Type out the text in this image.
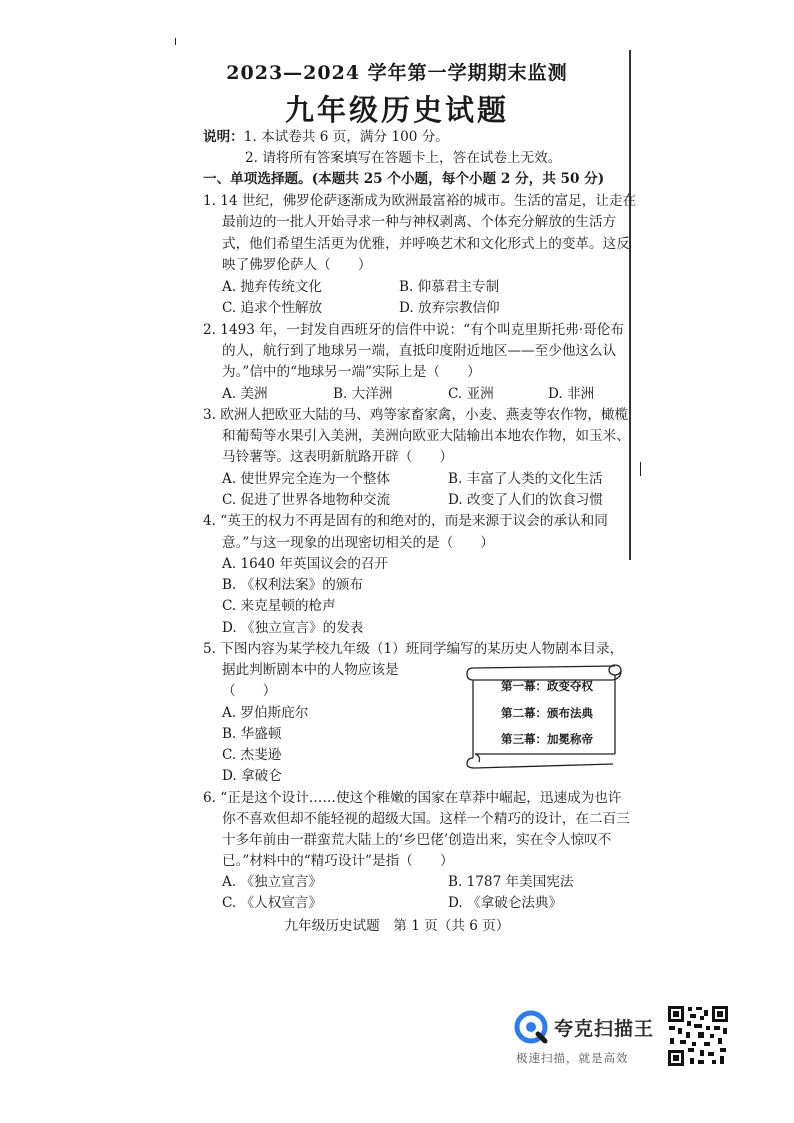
2023—2024 学年第一学期期末监测
九年级历史试题
说明：1. 本试卷共 6 页，满分 100 分。
2. 请将所有答案填写在答题卡上，答在试卷上无效。
一、单项选择题。(本题共 25 个小题，每个小题 2 分，共 50 分)
1. 14 世纪，佛罗伦萨逐渐成为欧洲最富裕的城市。生活的富足，让走在
最前边的一批人开始寻求一种与神权剥离、个体充分解放的生活方
式，他们希望生活更为优雅，并呼唤艺术和文化形式上的变革。这反
映了佛罗伦萨人（　　）
A. 抛弃传统文化	B. 仰慕君主专制
C. 追求个性解放	D. 放弃宗教信仰
2. 1493 年，一封发自西班牙的信件中说：“有个叫克里斯托弗·哥伦布
的人，航行到了地球另一端，直抵印度附近地区——至少他这么认
为。”信中的“地球另一端”实际上是（　　）
A. 美洲	B. 大洋洲	C. 亚洲	D. 非洲
3. 欧洲人把欧亚大陆的马、鸡等家畜家禽，小麦、燕麦等农作物，橄榄
和葡萄等水果引入美洲，美洲向欧亚大陆输出本地农作物，如玉米、
马铃薯等。这表明新航路开辟（　　）
A. 使世界完全连为一个整体	B. 丰富了人类的文化生活
C. 促进了世界各地物种交流	D. 改变了人们的饮食习惯
4. “英王的权力不再是固有的和绝对的，而是来源于议会的承认和同
意。”与这一现象的出现密切相关的是（　　）
A. 1640 年英国议会的召开
B. 《权利法案》的颁布
C. 来克星顿的枪声
D. 《独立宣言》的发表
5. 下图内容为某学校九年级（1）班同学编写的某历史人物剧本目录，
据此判断剧本中的人物应该是
（　　）
A. 罗伯斯庇尔
B. 华盛顿
C. 杰斐逊
D. 拿破仑
第一幕：政变夺权
第二幕：颁布法典
第三幕：加冕称帝
6. “正是这个设计……使这个稚嫩的国家在草莽中崛起，迅速成为也许
你不喜欢但却不能轻视的超级大国。这样一个精巧的设计，在二百三
十多年前由一群蛮荒大陆上的‘乡巴佬’创造出来，实在令人惊叹不
已。”材料中的“精巧设计”是指（　　）
A. 《独立宣言》	B. 1787 年美国宪法
C. 《人权宣言》	D. 《拿破仑法典》
九年级历史试题　第 1 页（共 6 页）
夸克扫描王
极速扫描，就是高效
